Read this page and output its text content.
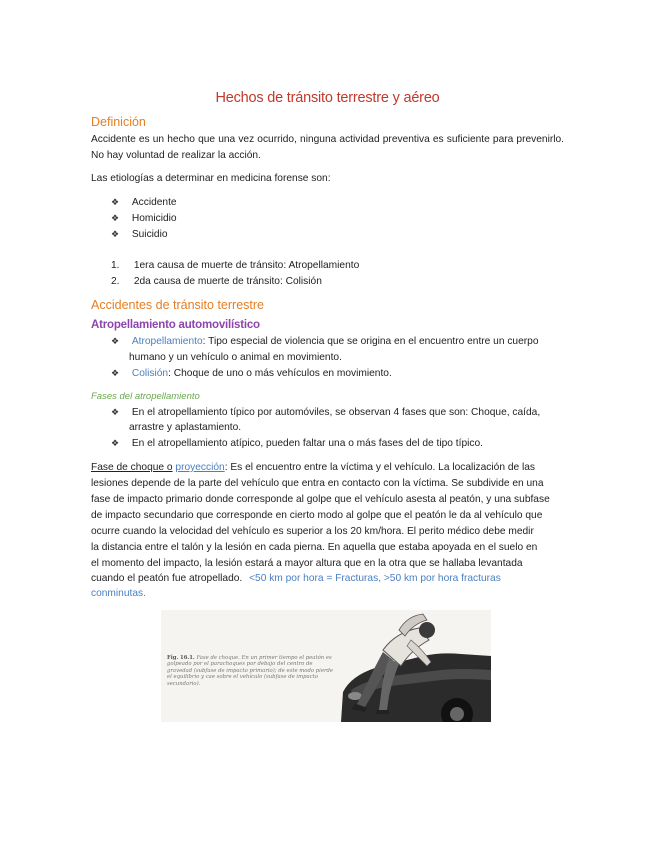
Hechos de tránsito terrestre y aéreo
Definición
Accidente es un hecho que una vez ocurrido, ninguna actividad preventiva es suficiente para prevenirlo. No hay voluntad de realizar la acción.
Las etiologías a determinar en medicina forense son:
❖ Accidente
❖ Homicidio
❖ Suicidio
1. 1era causa de muerte de tránsito: Atropellamiento
2. 2da causa de muerte de tránsito: Colisión
Accidentes de tránsito terrestre
Atropellamiento automovilístico
❖ Atropellamiento: Tipo especial de violencia que se origina en el encuentro entre un cuerpo
humano y un vehículo o animal en movimiento.
❖ Colisión: Choque de uno o más vehículos en movimiento.
Fases del atropellamiento
❖ En el atropellamiento típico por automóviles, se observan 4 fases que son: Choque, caída,
arrastre y aplastamiento.
❖ En el atropellamiento atípico, pueden faltar una o más fases del de tipo típico.
Fase de choque o proyección: Es el encuentro entre la víctima y el vehículo. La localización de las
lesiones depende de la parte del vehículo que entra en contacto con la víctima. Se subdivide en una
fase de impacto primario donde corresponde al golpe que el vehículo asesta al peatón, y una subfase
de impacto secundario que corresponde en cierto modo al golpe que el peatón le da al vehículo que
ocurre cuando la velocidad del vehículo es superior a los 20 km/hora. El perito médico debe medir
la distancia entre el talón y la lesión en cada pierna. En aquella que estaba apoyada en el suelo en
el momento del impacto, la lesión estará a mayor altura que en la otra que se hallaba levantada
cuando el peatón fue atropellado. <50 km por hora = Fracturas, >50 km por hora fracturas
conminutas.
Fig. 16.1. Fase de choque. En un primer tiempo el peatón es golpeado por el parachoques por debajo del centro de gravedad (subfase de impacto primario); de este modo pierde el equilibrio y cae sobre el vehículo (subfase de impacto secundario).
